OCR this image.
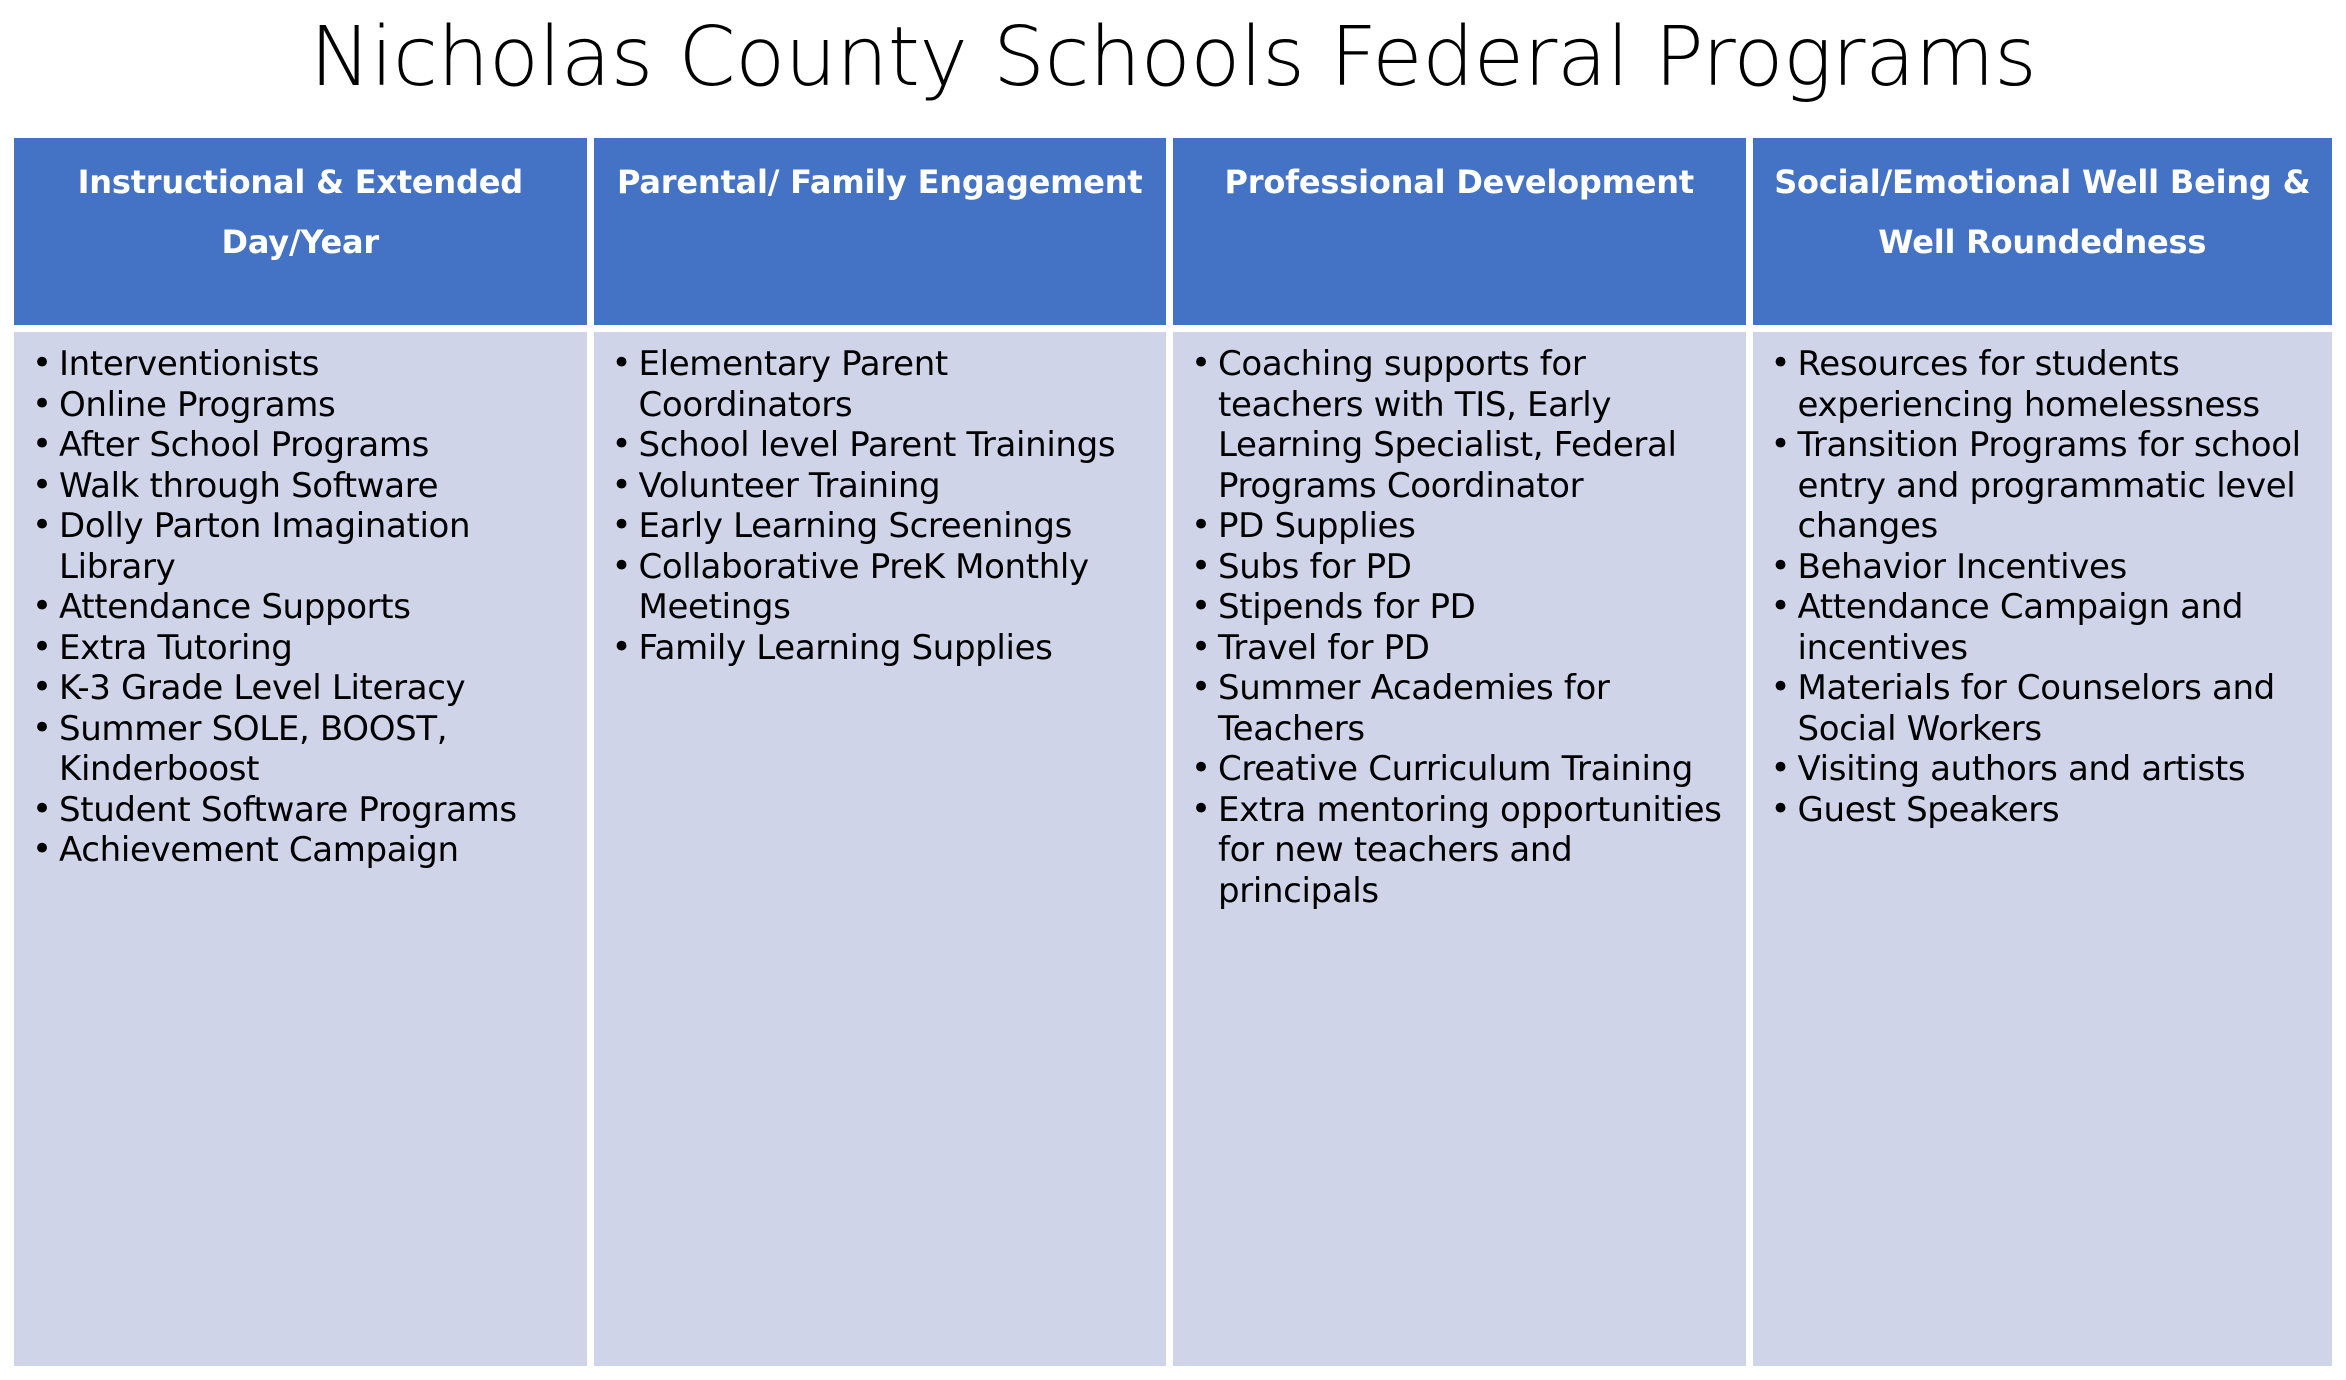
Nicholas County Schools Federal Programs
Instructional & Extended Day/Year
Parental/ Family Engagement	Professional Development	Social/Emotional Well Being & Well Roundedness
• Interventionists
• Online Programs
• After School Programs
• Walk through Software
• Dolly Parton Imagination Library
• Attendance Supports
• Extra Tutoring
• K-3 Grade Level Literacy
• Summer SOLE, BOOST, Kinderboost
• Student Software Programs
• Achievement Campaign
• Elementary Parent Coordinators
• School level Parent Trainings
• Volunteer Training
• Early Learning Screenings
• Collaborative PreK Monthly Meetings
• Family Learning Supplies
• Coaching supports for teachers with TIS, Early Learning Specialist, Federal Programs Coordinator
• PD Supplies
• Subs for PD
• Stipends for PD
• Travel for PD
• Summer Academies for Teachers
• Creative Curriculum Training
• Extra mentoring opportunities for new teachers and principals
• Resources for students experiencing homelessness
• Transition Programs for school entry and programmatic level changes
• Behavior Incentives
• Attendance Campaign and incentives
• Materials for Counselors and Social Workers
• Visiting authors and artists
• Guest Speakers
